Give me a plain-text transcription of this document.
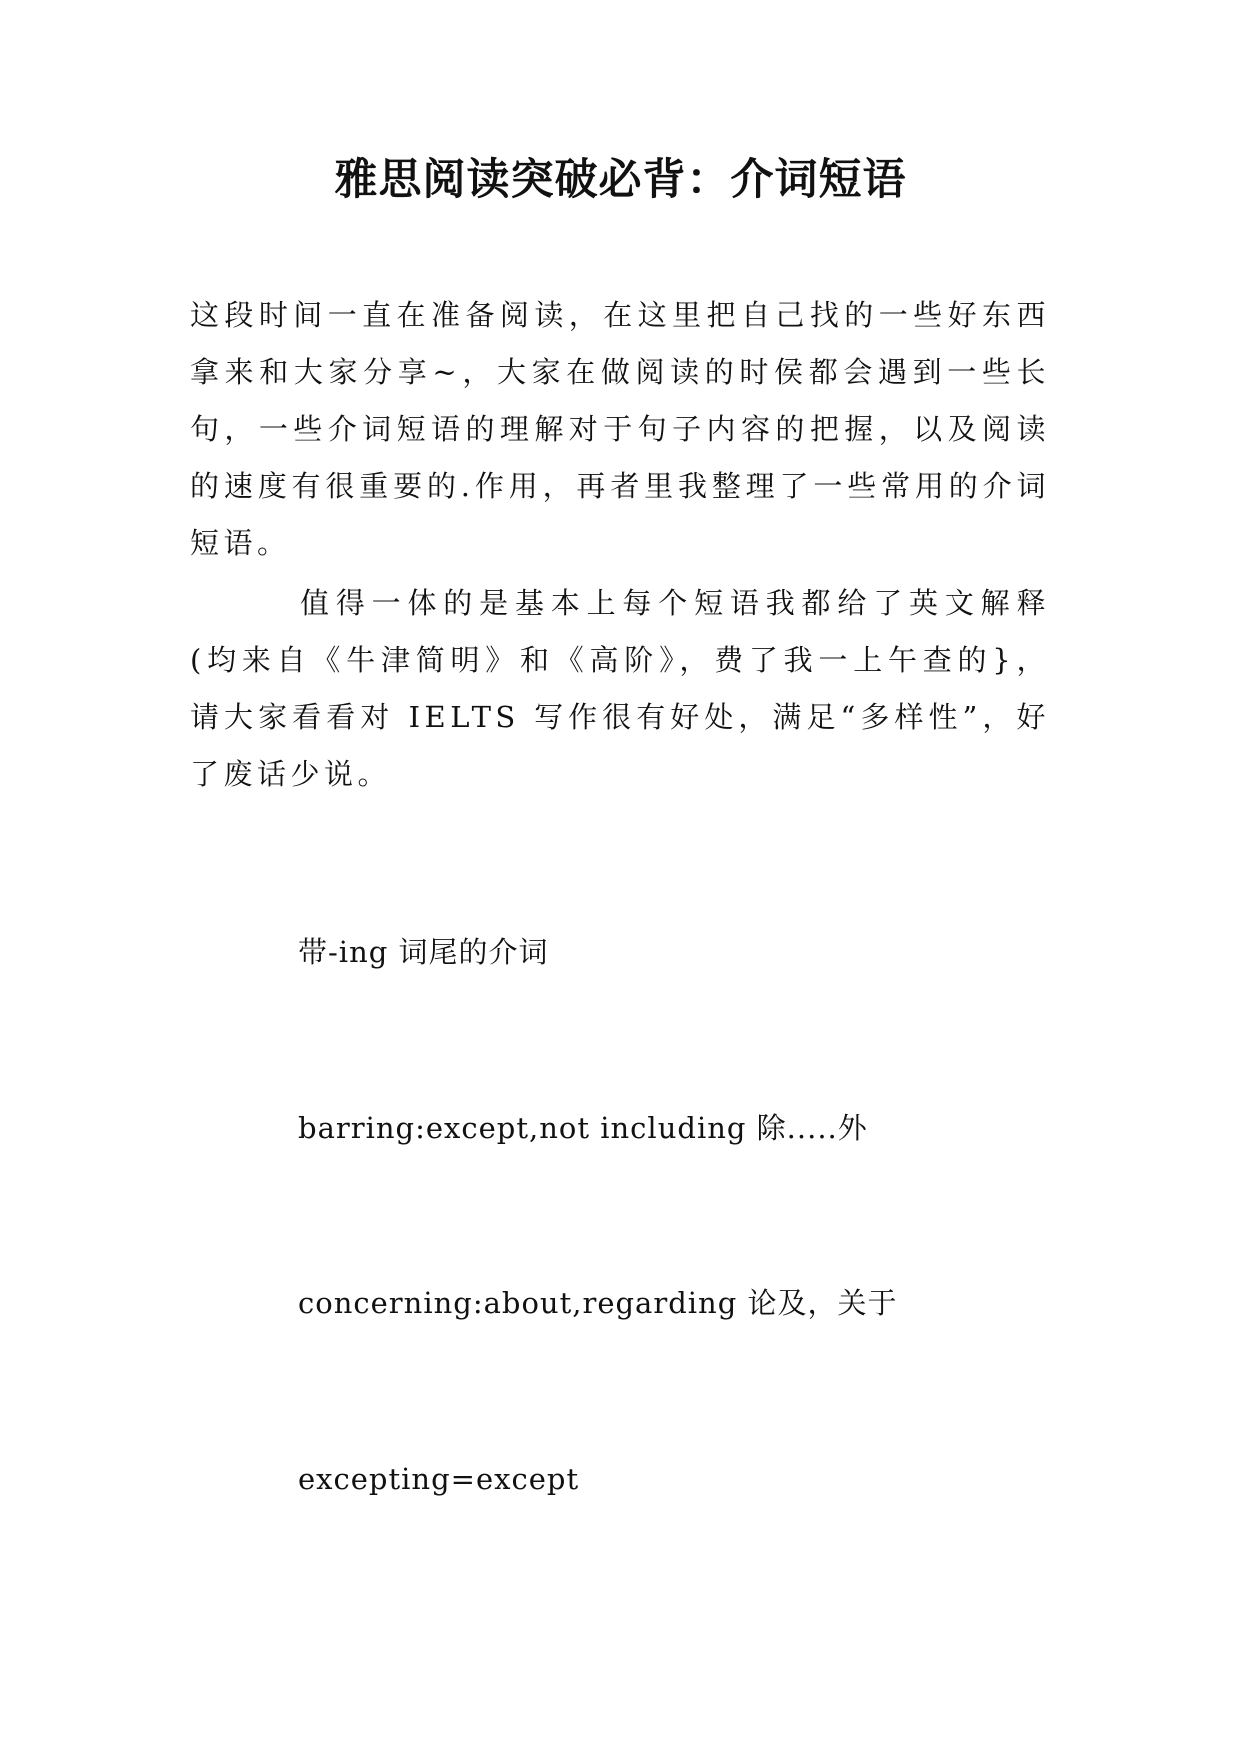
雅思阅读突破必背：介词短语

这段时间一直在准备阅读，在这里把自己找的一些好东西拿来和大家分享~，大家在做阅读的时侯都会遇到一些长句，一些介词短语的理解对于句子内容的把握，以及阅读的速度有很重要的.作用，再者里我整理了一些常用的介词短语。

值得一体的是基本上每个短语我都给了英文解释(均来自《牛津简明》和《高阶》，费了我一上午查的}，请大家看看对 IELTS 写作很有好处，满足“多样性”，好了废话少说。

带-ing 词尾的介词

barring:except,not including 除.....外

concerning:about,regarding 论及，关于

excepting=except
